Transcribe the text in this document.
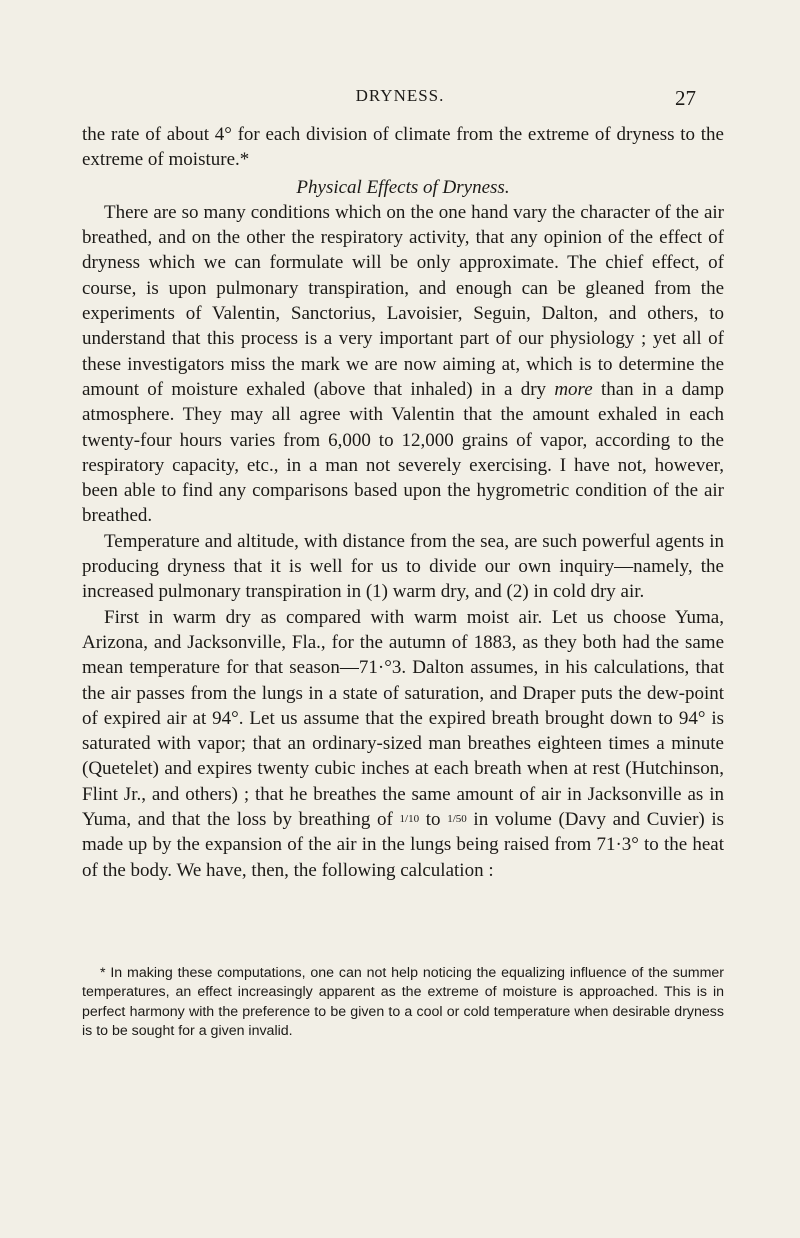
DRYNESS.	27

the rate of about 4° for each division of climate from the extreme of dryness to the extreme of moisture.*

Physical Effects of Dryness.

There are so many conditions which on the one hand vary the character of the air breathed, and on the other the respiratory activity, that any opinion of the effect of dryness which we can formulate will be only approximate. The chief effect, of course, is upon pulmonary transpiration, and enough can be gleaned from the experiments of Valentin, Sanctorius, Lavoisier, Seguin, Dalton, and others, to understand that this process is a very important part of our physiology ; yet all of these investigators miss the mark we are now aiming at, which is to determine the amount of moisture exhaled (above that inhaled) in a dry more than in a damp atmosphere. They may all agree with Valentin that the amount exhaled in each twenty-four hours varies from 6,000 to 12,000 grains of vapor, according to the respiratory capacity, etc., in a man not severely exercising. I have not, however, been able to find any comparisons based upon the hygrometric condition of the air breathed.

Temperature and altitude, with distance from the sea, are such powerful agents in producing dryness that it is well for us to divide our own inquiry—namely, the increased pulmonary transpiration in (1) warm dry, and (2) in cold dry air.

First in warm dry as compared with warm moist air. Let us choose Yuma, Arizona, and Jacksonville, Fla., for the autumn of 1883, as they both had the same mean temperature for that season—71·°3. Dalton assumes, in his calculations, that the air passes from the lungs in a state of saturation, and Draper puts the dew-point of expired air at 94°. Let us assume that the expired breath brought down to 94° is saturated with vapor; that an ordinary-sized man breathes eighteen times a minute (Quetelet) and expires twenty cubic inches at each breath when at rest (Hutchinson, Flint Jr., and others) ; that he breathes the same amount of air in Jacksonville as in Yuma, and that the loss by breathing of 1/10 to 1/50 in volume (Davy and Cuvier) is made up by the expansion of the air in the lungs being raised from 71·3° to the heat of the body. We have, then, the following calculation :

* In making these computations, one can not help noticing the equalizing influence of the summer temperatures, an effect increasingly apparent as the extreme of moisture is approached. This is in perfect harmony with the preference to be given to a cool or cold temperature when desirable dryness is to be sought for a given invalid.
